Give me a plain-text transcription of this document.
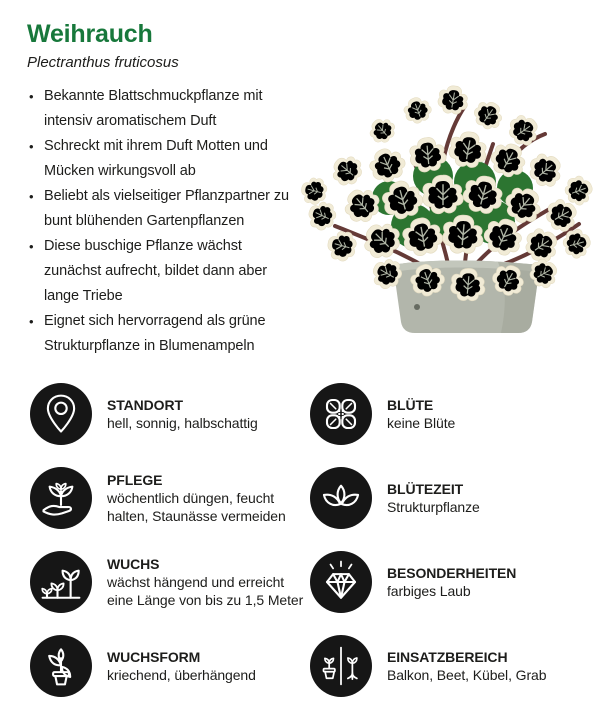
Weihrauch
Plectranthus fruticosus
• Bekannte Blattschmuckpflanze mit intensiv aromatischem Duft
• Schreckt mit ihrem Duft Motten und Mücken wirkungsvoll ab
• Beliebt als vielseitiger Pflanzpartner zu bunt blühenden Gartenpflanzen
• Diese buschige Pflanze wächst zunächst aufrecht, bildet dann aber lange Triebe
• Eignet sich hervorragend als grüne Strukturpflanze in Blumenampeln
STANDORT
hell, sonnig, halbschattig
BLÜTE
keine Blüte
PFLEGE
wöchentlich düngen, feucht halten, Staunässe vermeiden
BLÜTEZEIT
Strukturpflanze
WUCHS
wächst hängend und erreicht eine Länge von bis zu 1,5 Meter
BESONDERHEITEN
farbiges Laub
WUCHSFORM
kriechend, überhängend
EINSATZBEREICH
Balkon, Beet, Kübel, Grab
